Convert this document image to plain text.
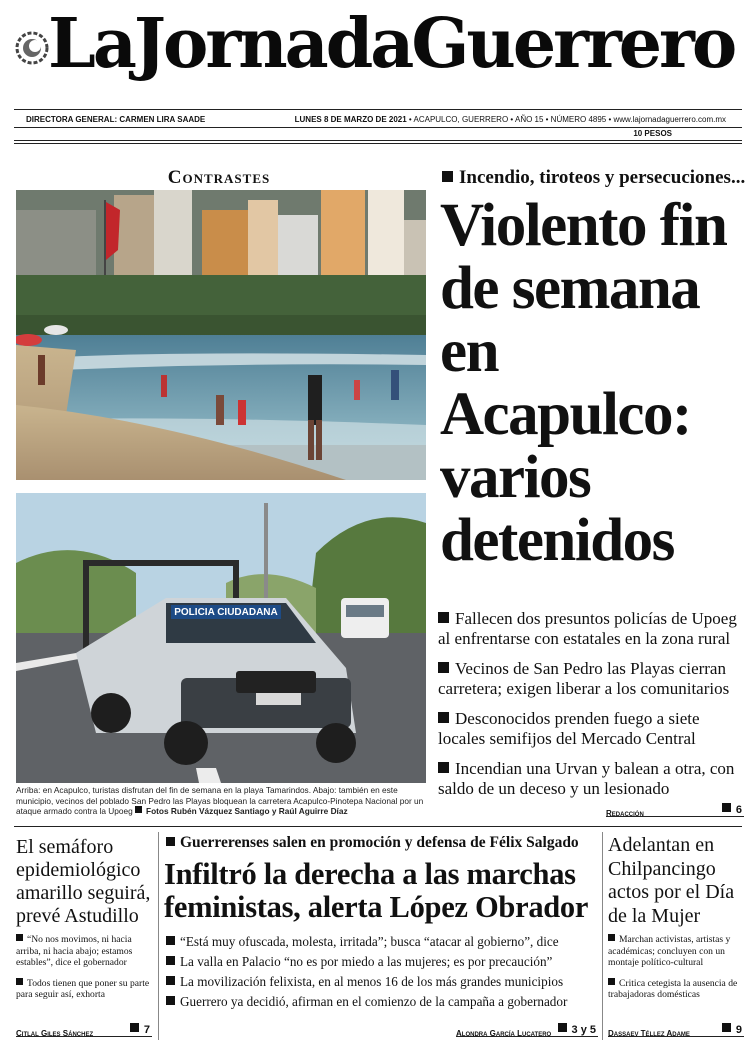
LaJornadaGuerrero
DIRECTORA GENERAL: CARMEN LIRA SAADE	LUNES 8 DE MARZO DE 2021 • ACAPULCO, GUERRERO • AÑO 15 • NÚMERO 4895 • www.lajornadaguerrero.com.mx
10 PESOS
Contrastes
POLICIA CIUDADANA
Arriba: en Acapulco, turistas disfrutan del fin de semana en la playa Tamarindos. Abajo: también en este municipio, vecinos del poblado San Pedro las Playas bloquean la carretera Acapulco-Pinotepa Nacional por un ataque armado contra la Upoeg Fotos Rubén Vázquez Santiago y Raúl Aguirre Díaz
Incendio, tiroteos y persecuciones...
Violento fin de semana en Acapulco: varios detenidos
Fallecen dos presuntos policías de Upoeg al enfrentarse con estatales en la zona rural
Vecinos de San Pedro las Playas cierran carretera; exigen liberar a los comunitarios
Desconocidos prenden fuego a siete locales semifijos del Mercado Central
Incendian una Urvan y balean a otra, con saldo de un deceso y un lesionado
Redacción	6
El semáforo epidemiológico amarillo seguirá, prevé Astudillo
“No nos movimos, ni hacia arriba, ni hacia abajo; estamos estables”, dice el gobernador
Todos tienen que poner su parte para seguir así, exhorta
Citlal Giles Sánchez	7
Guerrerenses salen en promoción y defensa de Félix Salgado
Infiltró la derecha a las marchas feministas, alerta López Obrador
“Está muy ofuscada, molesta, irritada”; busca “atacar al gobierno”, dice
La valla en Palacio “no es por miedo a las mujeres; es por precaución”
La movilización felixista, en al menos 16 de los más grandes municipios
Guerrero ya decidió, afirman en el comienzo de la campaña a gobernador
Alondra García Lucatero	3 y 5
Adelantan en Chilpancingo actos por el Día de la Mujer
Marchan activistas, artistas y académicas; concluyen con un montaje político-cultural
Critica cetegista la ausencia de trabajadoras domésticas
Dassaev Téllez Adame	9
